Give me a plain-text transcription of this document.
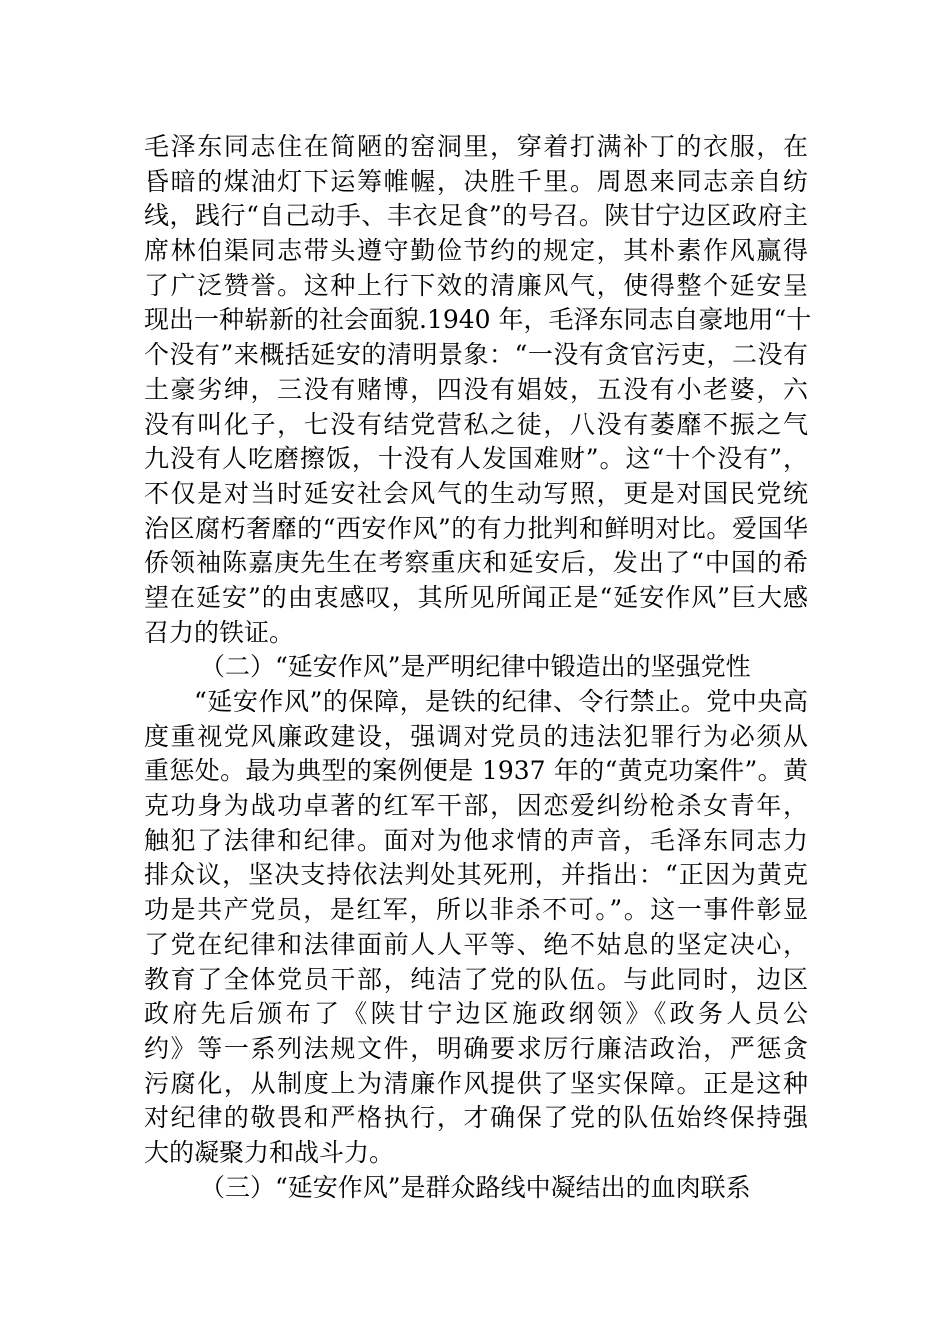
毛泽东同志住在简陋的窑洞里，穿着打满补丁的衣服，在
昏暗的煤油灯下运筹帷幄，决胜千里。周恩来同志亲自纺
线，践行“自己动手、丰衣足食”的号召。陕甘宁边区政府主
席林伯渠同志带头遵守勤俭节约的规定，其朴素作风赢得
了广泛赞誉。这种上行下效的清廉风气，使得整个延安呈
现出一种崭新的社会面貌.1940 年，毛泽东同志自豪地用“十
个没有”来概括延安的清明景象：“一没有贪官污吏，二没有
土豪劣绅，三没有赌博，四没有娼妓，五没有小老婆，六
没有叫化子，七没有结党营私之徒，八没有萎靡不振之气
九没有人吃磨擦饭，十没有人发国难财”。这“十个没有”，
不仅是对当时延安社会风气的生动写照，更是对国民党统
治区腐朽奢靡的“西安作风”的有力批判和鲜明对比。爱国华
侨领袖陈嘉庚先生在考察重庆和延安后，发出了“中国的希
望在延安”的由衷感叹，其所见所闻正是“延安作风”巨大感
召力的铁证。
（二）“延安作风”是严明纪律中锻造出的坚强党性
“延安作风”的保障，是铁的纪律、令行禁止。党中央高
度重视党风廉政建设，强调对党员的违法犯罪行为必须从
重惩处。最为典型的案例便是 1937 年的“黄克功案件”。黄
克功身为战功卓著的红军干部，因恋爱纠纷枪杀女青年，
触犯了法律和纪律。面对为他求情的声音，毛泽东同志力
排众议，坚决支持依法判处其死刑，并指出：“正因为黄克
功是共产党员，是红军，所以非杀不可。”。这一事件彰显
了党在纪律和法律面前人人平等、绝不姑息的坚定决心，
教育了全体党员干部，纯洁了党的队伍。与此同时，边区
政府先后颁布了《陕甘宁边区施政纲领》《政务人员公
约》等一系列法规文件，明确要求厉行廉洁政治，严惩贪
污腐化，从制度上为清廉作风提供了坚实保障。正是这种
对纪律的敬畏和严格执行，才确保了党的队伍始终保持强
大的凝聚力和战斗力。
（三）“延安作风”是群众路线中凝结出的血肉联系
